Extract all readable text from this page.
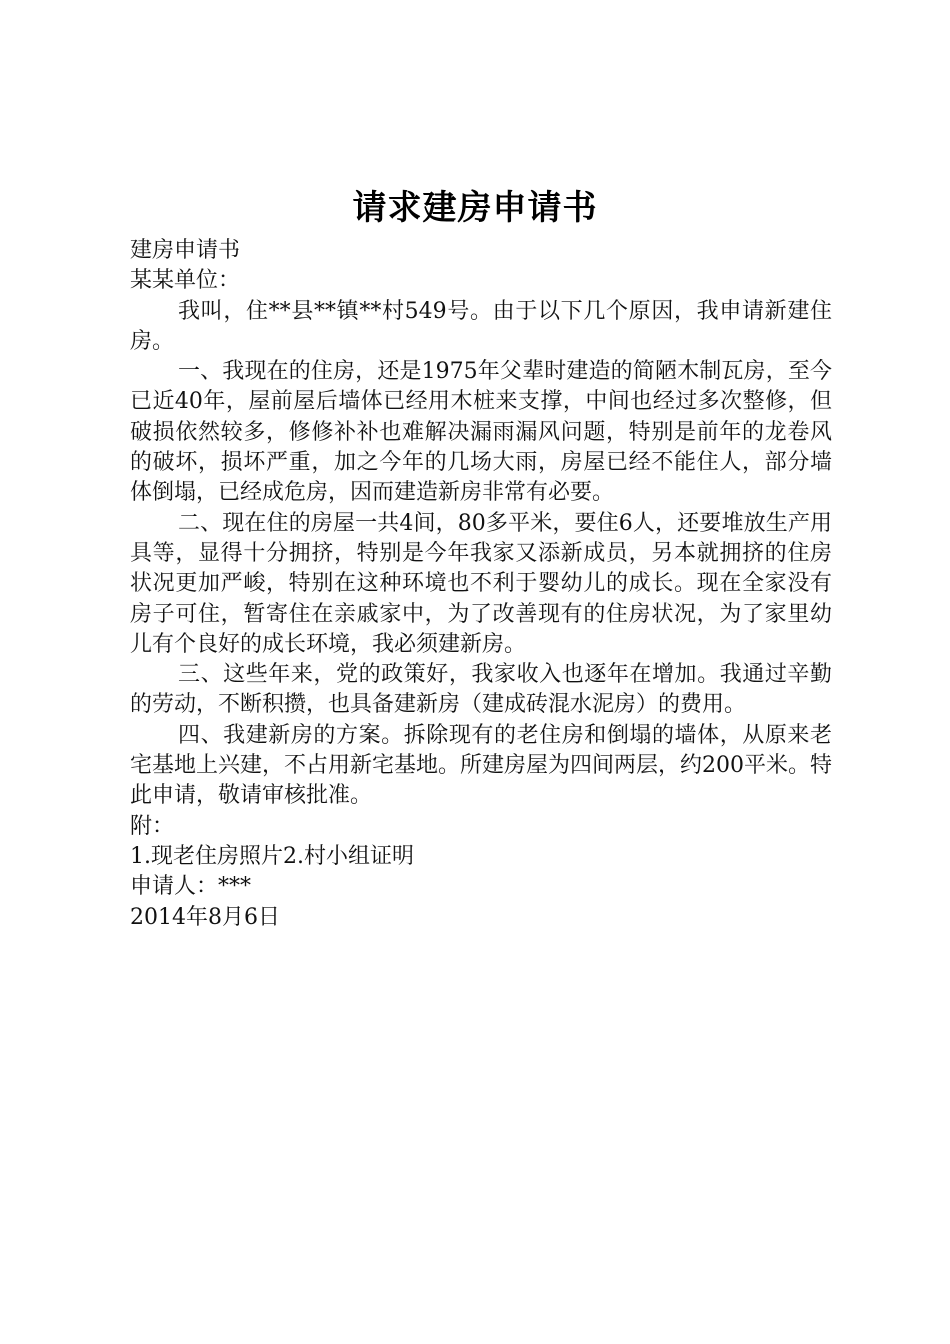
请求建房申请书

建房申请书

某某单位：

我叫，住**县**镇**村549号。由于以下几个原因，我申请新建住房。

一、我现在的住房，还是1975年父辈时建造的简陋木制瓦房，至今已近40年，屋前屋后墙体已经用木桩来支撑，中间也经过多次整修，但破损依然较多，修修补补也难解决漏雨漏风问题，特别是前年的龙卷风的破坏，损坏严重，加之今年的几场大雨，房屋已经不能住人，部分墙体倒塌，已经成危房，因而建造新房非常有必要。

二、现在住的房屋一共4间，80多平米，要住6人，还要堆放生产用具等，显得十分拥挤，特别是今年我家又添新成员，另本就拥挤的住房状况更加严峻，特别在这种环境也不利于婴幼儿的成长。现在全家没有房子可住，暂寄住在亲戚家中，为了改善现有的住房状况，为了家里幼儿有个良好的成长环境，我必须建新房。

三、这些年来，党的政策好，我家收入也逐年在增加。我通过辛勤的劳动，不断积攒，也具备建新房（建成砖混水泥房）的费用。

四、我建新房的方案。拆除现有的老住房和倒塌的墙体，从原来老宅基地上兴建，不占用新宅基地。所建房屋为四间两层，约200平米。特此申请，敬请审核批准。

附：

1.现老住房照片2.村小组证明

申请人：***

2014年8月6日
